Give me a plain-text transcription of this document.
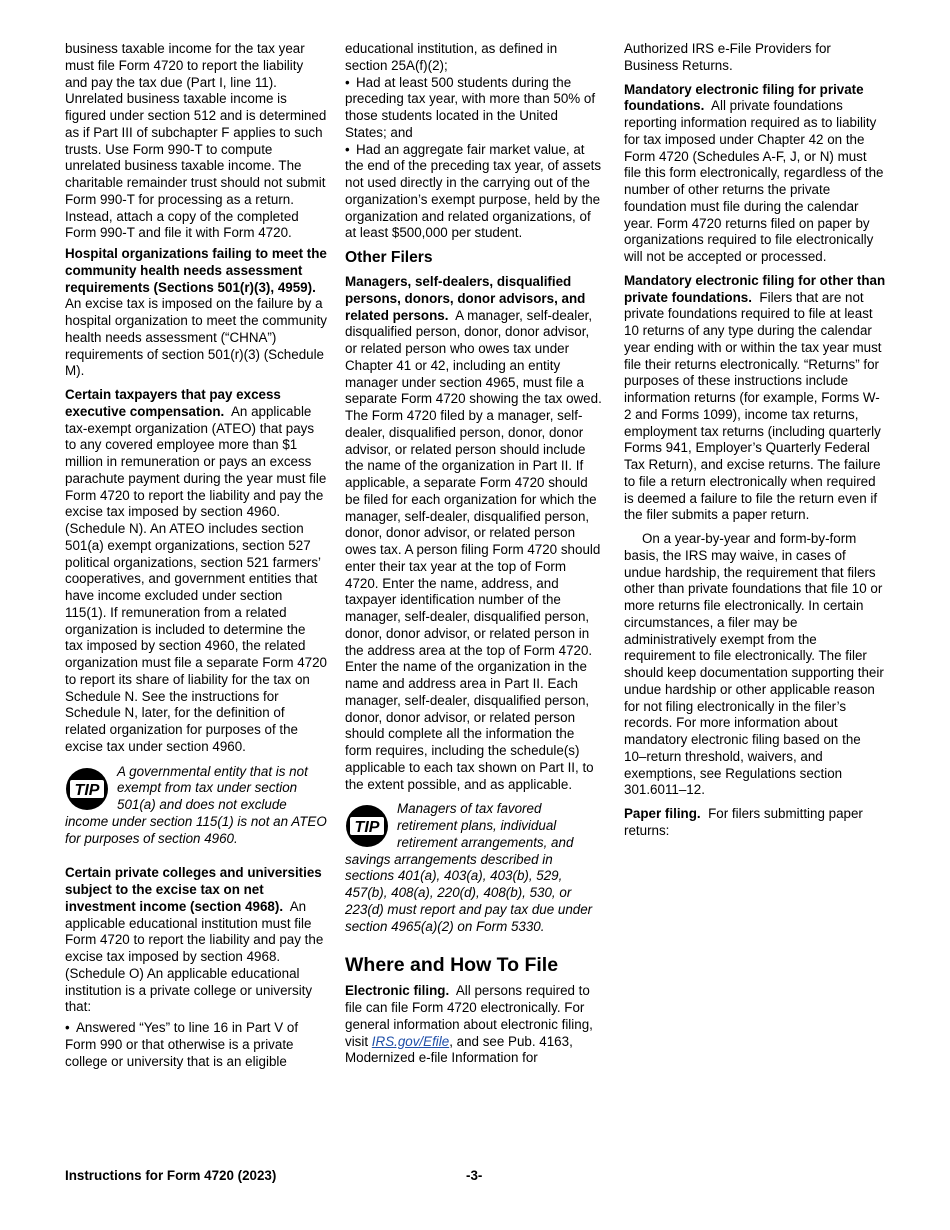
business taxable income for the tax year must file Form 4720 to report the liability and pay the tax due (Part I, line 11). Unrelated business taxable income is figured under section 512 and is determined as if Part III of subchapter F applies to such trusts. Use Form 990-T to compute unrelated business taxable income. The charitable remainder trust should not submit Form 990-T for processing as a return. Instead, attach a copy of the completed Form 990-T and file it with Form 4720.

Hospital organizations failing to meet the community health needs assessment requirements (Sections 501(r)(3), 4959).  An excise tax is imposed on the failure by a hospital organization to meet the community health needs assessment (“CHNA”) requirements of section 501(r)(3) (Schedule M).

Certain taxpayers that pay excess executive compensation. An applicable tax-exempt organization (ATEO) that pays to any covered employee more than $1 million in remuneration or pays an excess parachute payment during the year must file Form 4720 to report the liability and pay the excise tax imposed by section 4960. (Schedule N). An ATEO includes section 501(a) exempt organizations, section 527 political organizations, section 521 farmers’ cooperatives, and government entities that have income excluded under section 115(1). If remuneration from a related organization is included to determine the tax imposed by section 4960, the related organization must file a separate Form 4720 to report its share of liability for the tax on Schedule N. See the instructions for Schedule N, later, for the definition of related organization for purposes of the excise tax under section 4960.

TIP
A governmental entity that is not exempt from tax under section 501(a) and does not exclude income under section 115(1) is not an ATEO for purposes of section 4960.

Certain private colleges and universities subject to the excise tax on net investment income (section 4968). An applicable educational institution must file Form 4720 to report the liability and pay the excise tax imposed by section 4968. (Schedule O) An applicable educational institution is a private college or university that:

• Answered “Yes” to line 16 in Part V of Form 990 or that otherwise is a private college or university that is an eligible

educational institution, as defined in section 25A(f)(2);

• Had at least 500 students during the preceding tax year, with more than 50% of those students located in the United States; and
• Had an aggregate fair market value, at the end of the preceding tax year, of assets not used directly in the carrying out of the organization’s exempt purpose, held by the organization and related organizations, of at least $500,000 per student.
Other Filers

Managers, self-dealers, disqualified persons, donors, donor advisors, and related persons. A manager, self-dealer, disqualified person, donor, donor advisor, or related person who owes tax under Chapter 41 or 42, including an entity manager under section 4965, must file a separate Form 4720 showing the tax owed. The Form 4720 filed by a manager, self-dealer, disqualified person, donor, donor advisor, or related person should include the name of the organization in Part II. If applicable, a separate Form 4720 should be filed for each organization for which the manager, self-dealer, disqualified person, donor, donor advisor, or related person owes tax. A person filing Form 4720 should enter their tax year at the top of Form 4720. Enter the name, address, and taxpayer identification number of the manager, self-dealer, disqualified person, donor, donor advisor, or related person in the address area at the top of Form 4720. Enter the name of the organization in the name and address area in Part II. Each manager, self-dealer, disqualified person, donor, donor advisor, or related person should complete all the information the form requires, including the schedule(s) applicable to each tax shown on Part II, to the extent possible, and as applicable.

TIP
Managers of tax favored retirement plans, individual retirement arrangements, and savings arrangements described in sections 401(a), 403(a), 403(b), 529, 457(b), 408(a), 220(d), 408(b), 530, or 223(d) must report and pay tax due under section 4965(a)(2) on Form 5330.
Where and How To File

Electronic filing. All persons required to file can file Form 4720 electronically. For general information about electronic filing, visit IRS.gov/Efile, and see Pub. 4163, Modernized e-file Information for

Authorized IRS e-File Providers for Business Returns.

Mandatory electronic filing for private foundations. All private foundations reporting information required as to liability for tax imposed under Chapter 42 on the Form 4720 (Schedules A-F, J, or N) must file this form electronically, regardless of the number of other returns the private foundation must file during the calendar year. Form 4720 returns filed on paper by organizations required to file electronically will not be accepted or processed.

Mandatory electronic filing for other than private foundations. Filers that are not private foundations required to file at least 10 returns of any type during the calendar year ending with or within the tax year must file their returns electronically. “Returns” for purposes of these instructions include information returns (for example, Forms W-2 and Forms 1099), income tax returns, employment tax returns (including quarterly Forms 941, Employer’s Quarterly Federal Tax Return), and excise returns. The failure to file a return electronically when required is deemed a failure to file the return even if the filer submits a paper return.

On a year-by-year and form-by-form basis, the IRS may waive, in cases of undue hardship, the requirement that filers other than private foundations that file 10 or more returns file electronically. In certain circumstances, a filer may be administratively exempt from the requirement to file electronically. The filer should keep documentation supporting their undue hardship or other applicable reason for not filing electronically in the filer’s records. For more information about mandatory electronic filing based on the 10–return threshold, waivers, and exemptions, see Regulations section 301.6011–12.

Paper filing. For filers submitting paper returns:

Instructions for Form 4720 (2023)	-3-
